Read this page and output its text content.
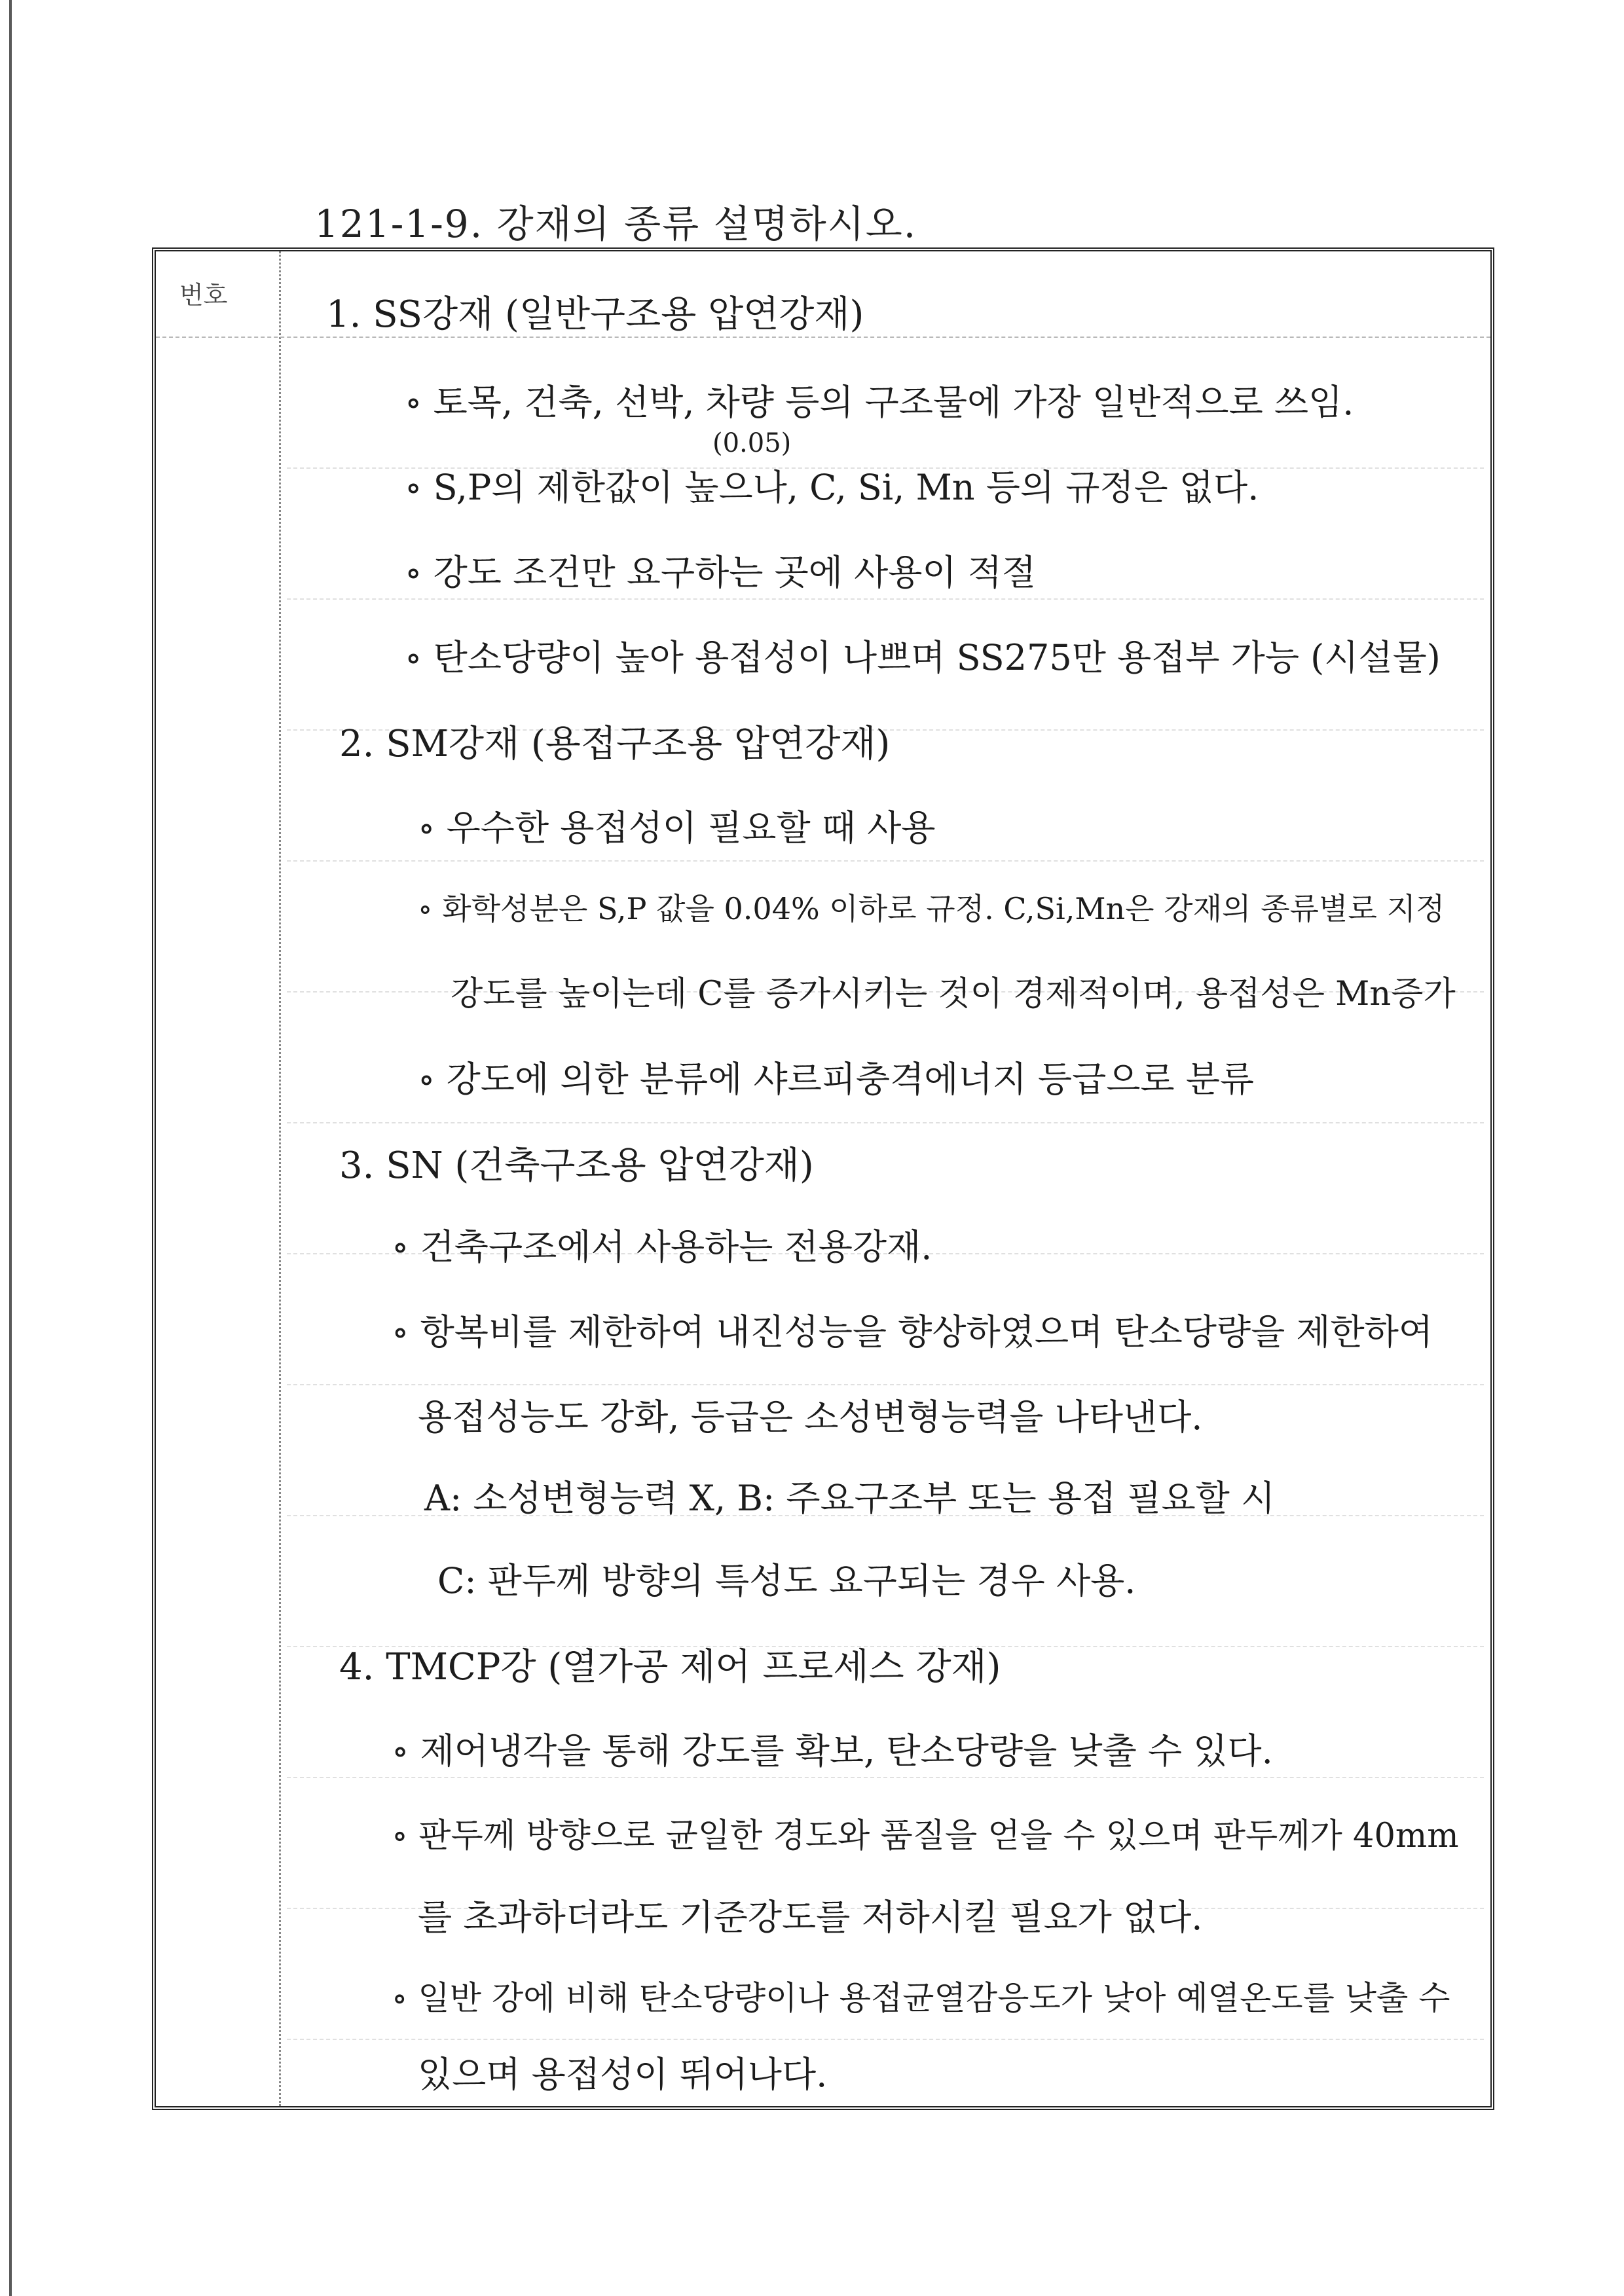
121-1-9. 강재의 종류 설명하시오.
번호	1. SS강재 (일반구조용 압연강재)
∘ 토목, 건축, 선박, 차량 등의 구조물에 가장 일반적으로 쓰임.
(0.05)
∘ S,P의 제한값이 높으나, C, Si, Mn 등의 규정은 없다.
∘ 강도 조건만 요구하는 곳에 사용이 적절
∘ 탄소당량이 높아 용접성이 나쁘며 SS275만 용접부 가능 (시설물)
2. SM강재 (용접구조용 압연강재)
∘ 우수한 용접성이 필요할 때 사용
∘ 화학성분은 S,P 값을 0.04% 이하로 규정. C,Si,Mn은 강재의 종류별로 지정
강도를 높이는데 C를 증가시키는 것이 경제적이며, 용접성은 Mn증가
∘ 강도에 의한 분류에 샤르피충격에너지 등급으로 분류
3. SN (건축구조용 압연강재)
∘ 건축구조에서 사용하는 전용강재.
∘ 항복비를 제한하여 내진성능을 향상하였으며 탄소당량을 제한하여
용접성능도 강화, 등급은 소성변형능력을 나타낸다.
A: 소성변형능력 X, B: 주요구조부 또는 용접 필요할 시
C: 판두께 방향의 특성도 요구되는 경우 사용.
4. TMCP강 (열가공 제어 프로세스 강재)
∘ 제어냉각을 통해 강도를 확보, 탄소당량을 낮출 수 있다.
∘ 판두께 방향으로 균일한 경도와 품질을 얻을 수 있으며 판두께가 40mm
를 초과하더라도 기준강도를 저하시킬 필요가 없다.
∘ 일반 강에 비해 탄소당량이나 용접균열감응도가 낮아 예열온도를 낮출 수
있으며 용접성이 뛰어나다.
